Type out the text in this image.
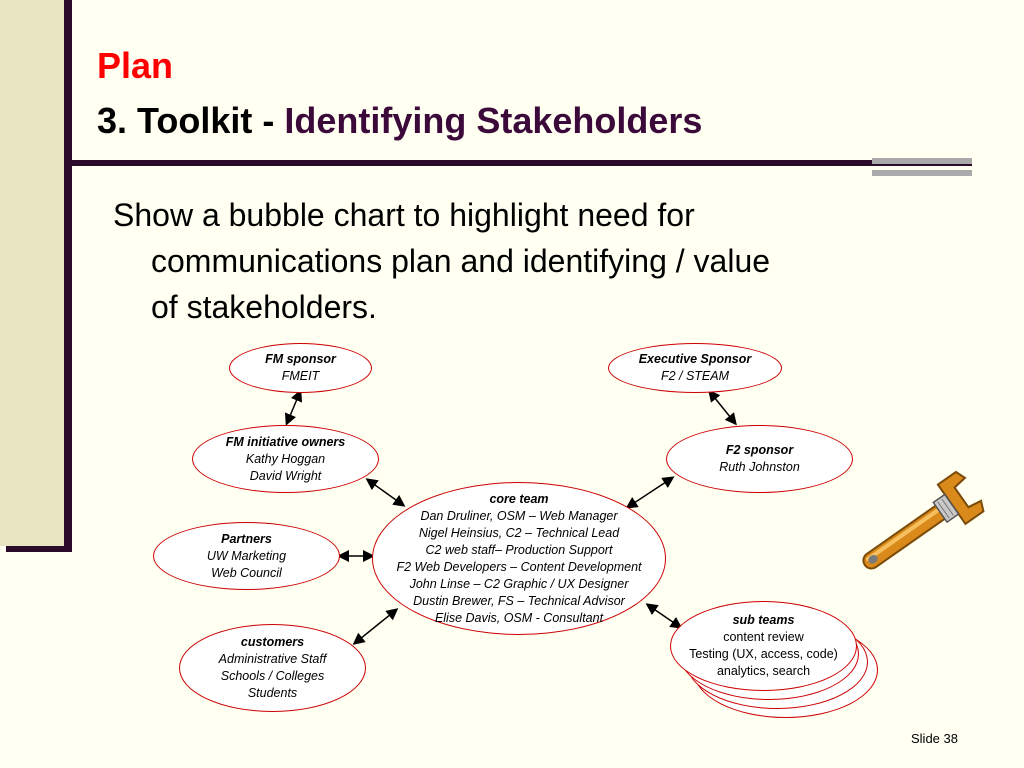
Plan
3. Toolkit - Identifying Stakeholders
Show a bubble chart to highlight need for
communications plan and identifying / value
of stakeholders.
FM sponsor
FMEIT
Executive Sponsor
F2 / STEAM
FM initiative owners
Kathy Hoggan
David Wright
F2 sponsor
Ruth Johnston
core team
Dan Druliner, OSM – Web Manager
Nigel Heinsius, C2 – Technical Lead
C2 web staff– Production Support
F2 Web Developers – Content Development
John Linse – C2 Graphic / UX Designer
Dustin Brewer, FS – Technical Advisor
Elise Davis, OSM - Consultant
Partners
UW Marketing
Web Council
customers
Administrative Staff
Schools / Colleges
Students
sub teams
content review
Testing (UX, access, code)
analytics, search
Slide 38
